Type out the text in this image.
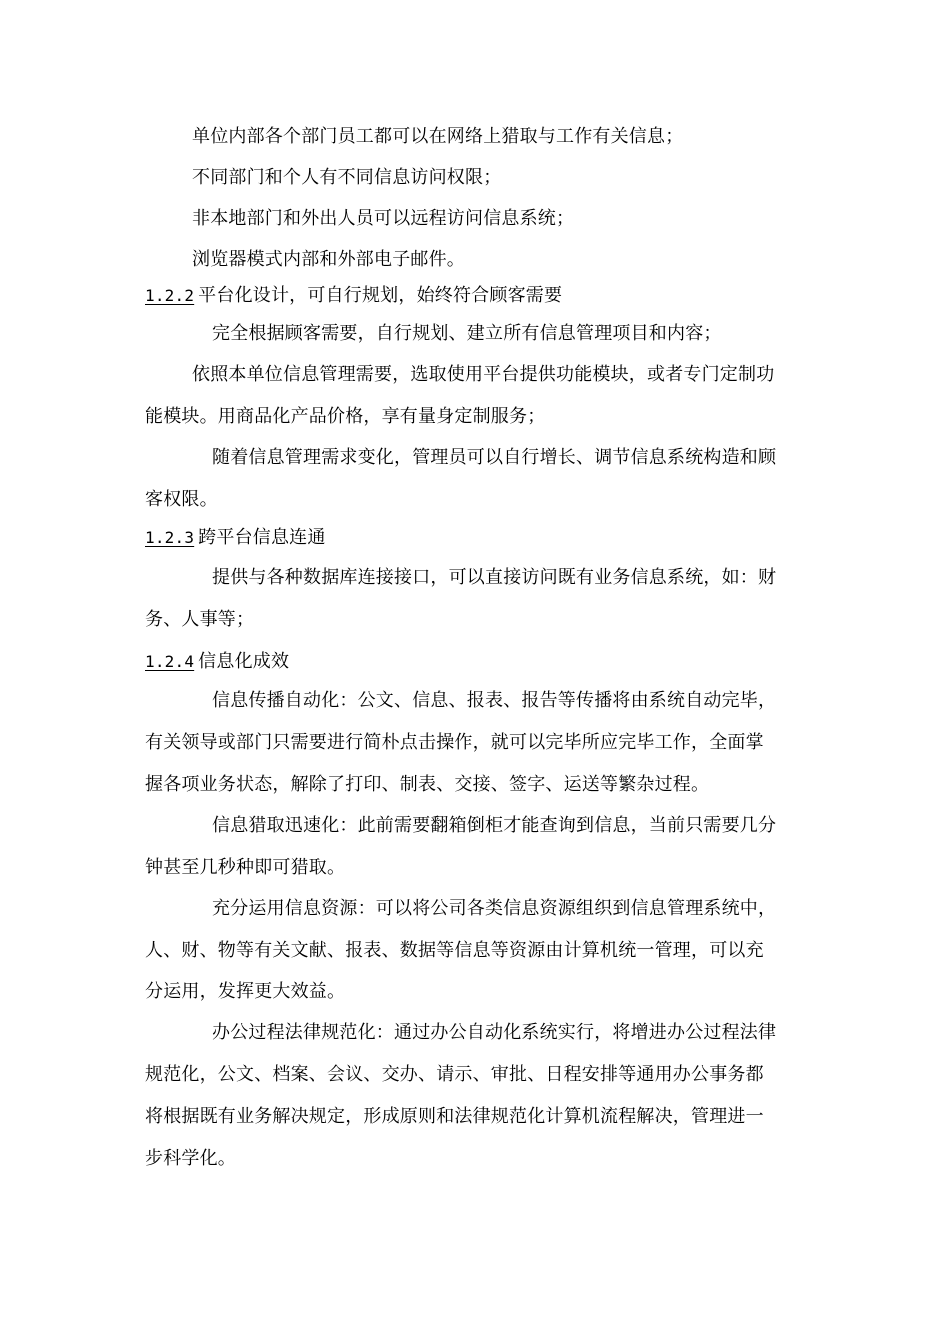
单位内部各个部门员工都可以在网络上猎取与工作有关信息；
不同部门和个人有不同信息访问权限；
非本地部门和外出人员可以远程访问信息系统；
浏览器模式内部和外部电子邮件。
1.2.2 平台化设计，可自行规划，始终符合顾客需要
完全根据顾客需要，自行规划、建立所有信息管理项目和内容；
依照本单位信息管理需要，选取使用平台提供功能模块，或者专门定制功
能模块。用商品化产品价格，享有量身定制服务；
随着信息管理需求变化，管理员可以自行增长、调节信息系统构造和顾
客权限。
1.2.3 跨平台信息连通
提供与各种数据库连接接口，可以直接访问既有业务信息系统，如：财
务、人事等；
1.2.4 信息化成效
信息传播自动化：公文、信息、报表、报告等传播将由系统自动完毕，
有关领导或部门只需要进行简朴点击操作，就可以完毕所应完毕工作，全面掌
握各项业务状态，解除了打印、制表、交接、签字、运送等繁杂过程。
信息猎取迅速化：此前需要翻箱倒柜才能查询到信息，当前只需要几分
钟甚至几秒种即可猎取。
充分运用信息资源：可以将公司各类信息资源组织到信息管理系统中，
人、财、物等有关文献、报表、数据等信息等资源由计算机统一管理，可以充
分运用，发挥更大效益。
办公过程法律规范化：通过办公自动化系统实行，将增进办公过程法律
规范化，公文、档案、会议、交办、请示、审批、日程安排等通用办公事务都
将根据既有业务解决规定，形成原则和法律规范化计算机流程解决，管理进一
步科学化。
